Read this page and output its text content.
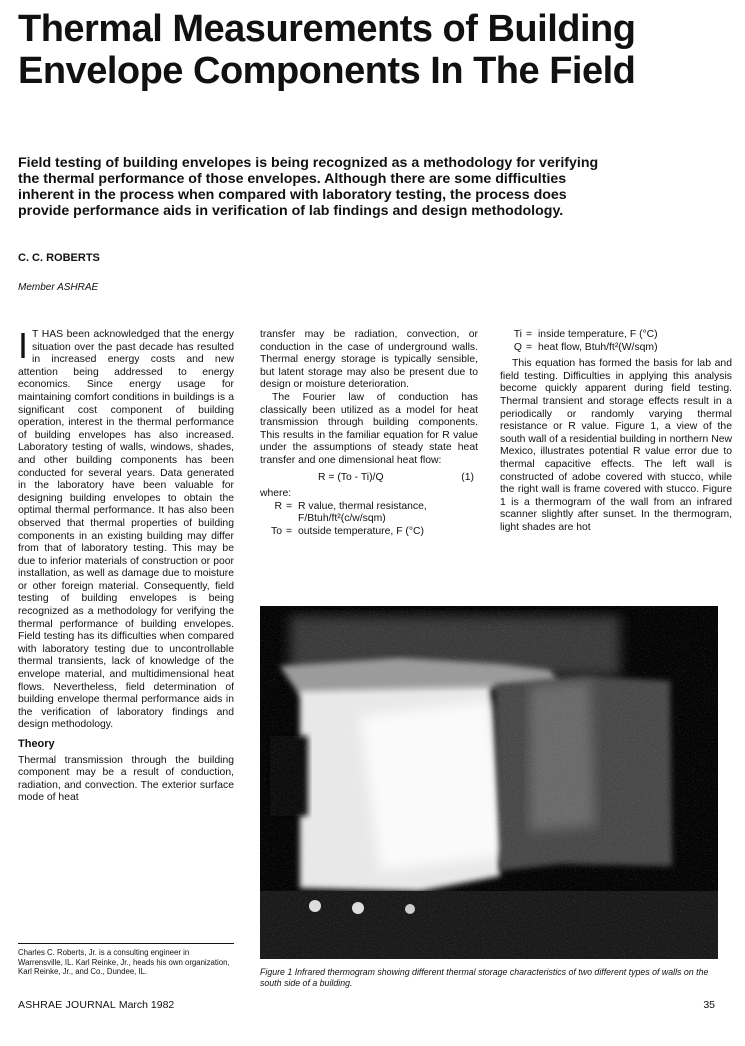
Thermal Measurements of Building Envelope Components In The Field

Field testing of building envelopes is being recognized as a methodology for verifying the thermal performance of those envelopes. Although there are some difficulties inherent in the process when compared with laboratory testing, the process does provide performance aids in verification of lab findings and design methodology.

C. C. ROBERTS
Member ASHRAE

I T HAS been acknowledged that the energy situation over the past decade has resulted in increased energy costs and new attention being addressed to energy economics. Since energy usage for maintaining comfort conditions in buildings is a significant cost component of building operation, interest in the thermal performance of building envelopes has also increased. Laboratory testing of walls, windows, shades, and other building components has been conducted for several years. Data generated in the laboratory have been valuable for designing building envelopes to obtain the optimal thermal performance. It has also been observed that thermal properties of building components in an existing building may differ from that of laboratory testing. This may be due to inferior materials of construction or poor installation, as well as damage due to moisture or other foreign material. Consequently, field testing of building envelopes is being recognized as a methodology for verifying the thermal performance of building envelopes. Field testing has its difficulties when compared with laboratory testing due to uncontrollable thermal transients, lack of knowledge of the envelope material, and multidimensional heat flows. Nevertheless, field determination of building envelope thermal performance aids in the verification of laboratory findings and design methodology.

Theory

Thermal transmission through the building component may be a result of conduction, radiation, and convection. The exterior surface mode of heat

Charles C. Roberts, Jr. is a consulting engineer in Warrensville, IL. Karl Reinke, Jr., heads his own organization, Karl Reinke, Jr., and Co., Dundee, IL.

transfer may be radiation, convection, or conduction in the case of underground walls. Thermal energy storage is typically sensible, but latent storage may also be present due to design or moisture deterioration.

The Fourier law of conduction has classically been utilized as a model for heat transmission through building components. This results in the familiar equation for R value under the assumptions of steady state heat transfer and one dimensional heat flow:

R = (To - Ti)/Q	(1)

where:

R = R value, thermal resistance, F/Btuh/ft²(c/w/sqm)
To = outside temperature, F (°C)
Ti = inside temperature, F (°C)
Q = heat flow, Btuh/ft²(W/sqm)

This equation has formed the basis for lab and field testing. Difficulties in applying this analysis become quickly apparent during field testing. Thermal transient and storage effects result in a periodically or randomly varying thermal resistance or R value. Figure 1, a view of the south wall of a residential building in northern New Mexico, illustrates potential R value error due to thermal capacitive effects. The left wall is constructed of adobe covered with stucco, while the right wall is frame covered with stucco. Figure 1 is a thermogram of the wall from an infrared scanner slightly after sunset. In the thermogram, light shades are hot

Figure 1 Infrared thermogram showing different thermal storage characteristics of two different types of walls on the south side of a building.
ASHRAE JOURNAL March 1982	35
